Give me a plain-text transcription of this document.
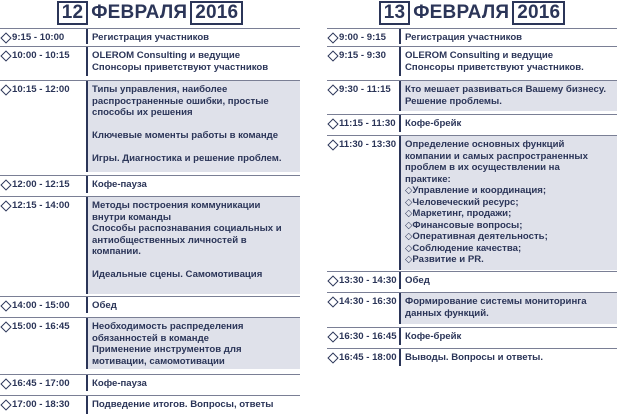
12 ФЕВРАЛЯ 2016
9:15 - 10:00	Регистрация участников
10:00 - 10:15	OLEROM Consulting и ведущие
Спонсоры приветствуют участников
10:15 - 12:00	Типы управления, наиболее
распространенные ошибки, простые
способы их решения

Ключевые моменты работы в команде

Игры. Диагностика и решение проблем.
12:00 - 12:15	Кофе-пауза
12:15 - 14:00	Методы построения коммуникации
внутри команды
Способы распознавания социальных и
антиобщественных личностей в
компании.

Идеальные сцены. Самомотивация
14:00 - 15:00	Обед
15:00 - 16:45	Необходимость распределения
обязанностей в команде
Применение инструментов для
мотивации, самомотивации
16:45 - 17:00	Кофе-пауза
17:00 - 18:30	Подведение итогов. Вопросы, ответы
13 ФЕВРАЛЯ 2016
9:00 - 9:15	Регистрация участников
9:15 - 9:30	OLEROM Consulting и ведущие
Спонсоры приветствуют участников.
9:30 - 11:15	Кто мешает развиваться Вашему бизнесу.
Решение проблемы.
11:15 - 11:30 Кофе-брейк
11:30 - 13:30 Определение основных функций
компании и самых распространенных
проблем в их осуществлении на
практике:
◇Управление и координация;
◇Человеческий ресурс;
◇Маркетинг, продажи;
◇Финансовые вопросы;
◇Оперативная деятельность;
◇Соблюдение качества;
◇Развитие и PR.
13:30 - 14:30 Обед
14:30 - 16:30 Формирование системы мониторинга
данных функций.
16:30 - 16:45 Кофе-брейк
16:45 - 18:00 Выводы. Вопросы и ответы.
